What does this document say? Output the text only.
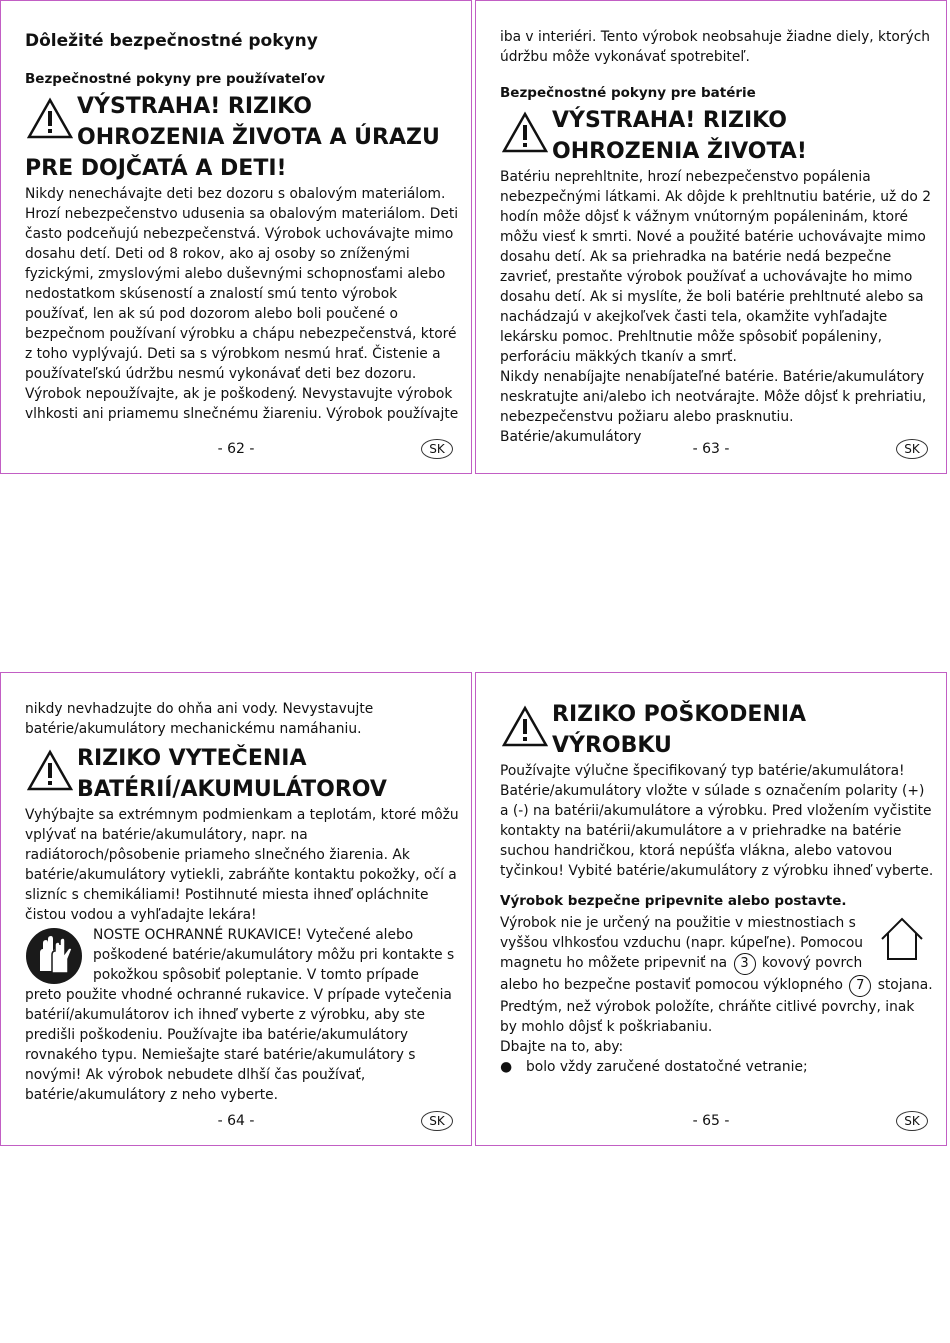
Dôležité bezpečnostné pokyny
Bezpečnostné pokyny pre používateľov
VÝSTRAHA! RIZIKO
OHROZENIA ŽIVOTA A ÚRAZU
PRE DOJČATÁ A DETI!

Nikdy nenechávajte deti bez dozoru s obalovým materiálom. Hrozí nebezpečenstvo udusenia sa obalovým materiálom. Deti často podceňujú nebezpečenstvá. Výrobok uchovávajte mimo dosahu detí. Deti od 8 rokov, ako aj osoby so zníženými fyzickými, zmyslovými alebo duševnými schopnosťami alebo nedostatkom skúseností a znalostí smú tento výrobok používať, len ak sú pod dozorom alebo boli poučené o bezpečnom používaní výrobku a chápu nebezpečenstvá, ktoré z toho vyplývajú. Deti sa s výrobkom nesmú hrať. Čistenie a používateľskú údržbu nesmú vykonávať deti bez dozoru. Výrobok nepoužívajte, ak je poškodený. Nevystavujte výrobok vlhkosti ani priamemu slnečnému žiareniu. Výrobok používajte

- 62 -	SK

iba v interiéri. Tento výrobok neobsahuje žiadne diely, ktorých údržbu môže vykonávať spotrebiteľ.

Bezpečnostné pokyny pre batérie
VÝSTRAHA! RIZIKO
OHROZENIA ŽIVOTA!

Batériu neprehltnite, hrozí nebezpečenstvo popálenia nebezpečnými látkami. Ak dôjde k prehltnutiu batérie, už do 2 hodín môže dôjsť k vážnym vnútorným popáleninám, ktoré môžu viesť k smrti. Nové a použité batérie uchovávajte mimo dosahu detí. Ak sa priehradka na batérie nedá bezpečne zavrieť, prestaňte výrobok používať a uchovávajte ho mimo dosahu detí. Ak si myslíte, že boli batérie prehltnuté alebo sa nachádzajú v akejkoľvek časti tela, okamžite vyhľadajte lekársku pomoc. Prehltnutie môže spôsobiť popáleniny, perforáciu mäkkých tkanív a smrť.

Nikdy nenabíjajte nenabíjateľné batérie. Batérie/akumulátory neskratujte ani/alebo ich neotvárajte. Môže dôjsť k prehriatiu, nebezpečenstvu požiaru alebo prasknutiu. Batérie/akumulátory

- 63 -	SK

nikdy nevhadzujte do ohňa ani vody. Nevystavujte batérie/akumulátory mechanickému namáhaniu.

RIZIKO VYTEČENIA
BATÉRIÍ/AKUMULÁTOROV

Vyhýbajte sa extrémnym podmienkam a teplotám, ktoré môžu vplývať na batérie/akumulátory, napr. na radiátoroch/pôsobenie priameho slnečného žiarenia. Ak batérie/akumulátory vytiekli, zabráňte kontaktu pokožky, očí a slizníc s chemikáliami! Postihnuté miesta ihneď opláchnite čistou vodou a vyhľadajte lekára!

NOSTE OCHRANNÉ RUKAVICE! Vytečené alebo poškodené batérie/akumulátory môžu pri kontakte s pokožkou spôsobiť poleptanie. V tomto prípade preto použite vhodné ochranné rukavice. V prípade vytečenia batérií/akumulátorov ich ihneď vyberte z výrobku, aby ste predišli poškodeniu. Používajte iba batérie/akumulátory rovnakého typu. Nemiešajte staré batérie/akumulátory s novými! Ak výrobok nebudete dlhší čas používať, batérie/akumulátory z neho vyberte.

- 64 -	SK
RIZIKO POŠKODENIA
VÝROBKU

Používajte výlučne špecifikovaný typ batérie/akumulátora! Batérie/akumulátory vložte v súlade s označením polarity (+) a (-) na batérii/akumulátore a výrobku. Pred vložením vyčistite kontakty na batérii/akumulátore a v priehradke na batérie suchou handričkou, ktorá nepúšťa vlákna, alebo vatovou tyčinkou! Vybité batérie/akumulátory z výrobku ihneď vyberte.

Výrobok bezpečne pripevnite alebo postavte.

Výrobok nie je určený na použitie v miestnostiach s vyššou vlhkosťou vzduchu (napr. kúpeľne). Pomocou magnetu ho môžete pripevniť na 3 kovový povrch alebo ho bezpečne postaviť pomocou výklopného 7 stojana. Predtým, než výrobok položíte, chráňte citlivé povrchy, inak by mohlo dôjsť k poškriabaniu.

Dbajte na to, aby:

● bolo vždy zaručené dostatočné vetranie;
- 65 -	SK
